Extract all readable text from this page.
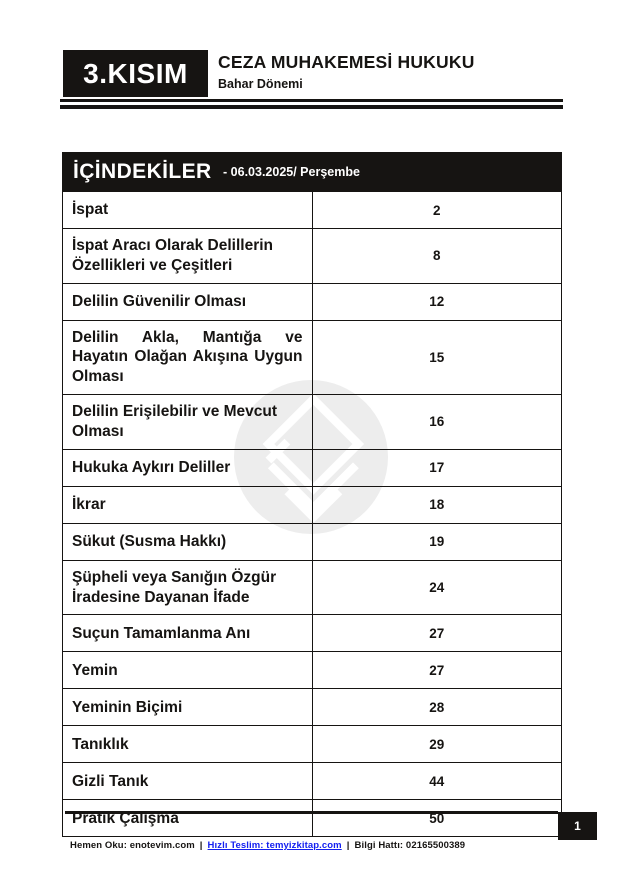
3.KISIM CEZA MUHAKEMESİ HUKUKU
Bahar Dönemi
İÇİNDEKİLER - 06.03.2025/ Perşembe	
İspat	2
İspat Aracı Olarak Delillerin Özellikleri ve Çeşitleri	8
Delilin Güvenilir Olması	12
Delilin Akla, Mantığa ve Hayatın Olağan Akışına Uygun Olması	15
Delilin Erişilebilir ve Mevcut Olması	16
Hukuka Aykırı Deliller	17
İkrar	18
Sükut (Susma Hakkı)	19
Şüpheli veya Sanığın Özgür İradesine Dayanan İfade	24
Suçun Tamamlanma Anı	27
Yemin	27
Yeminin Biçimi	28
Tanıklık	29
Gizli Tanık	44
Pratik Çalışma	50
1
Hemen Oku: enotevim.com | Hızlı Teslim: temyizkitap.com | Bilgi Hattı: 02165500389
